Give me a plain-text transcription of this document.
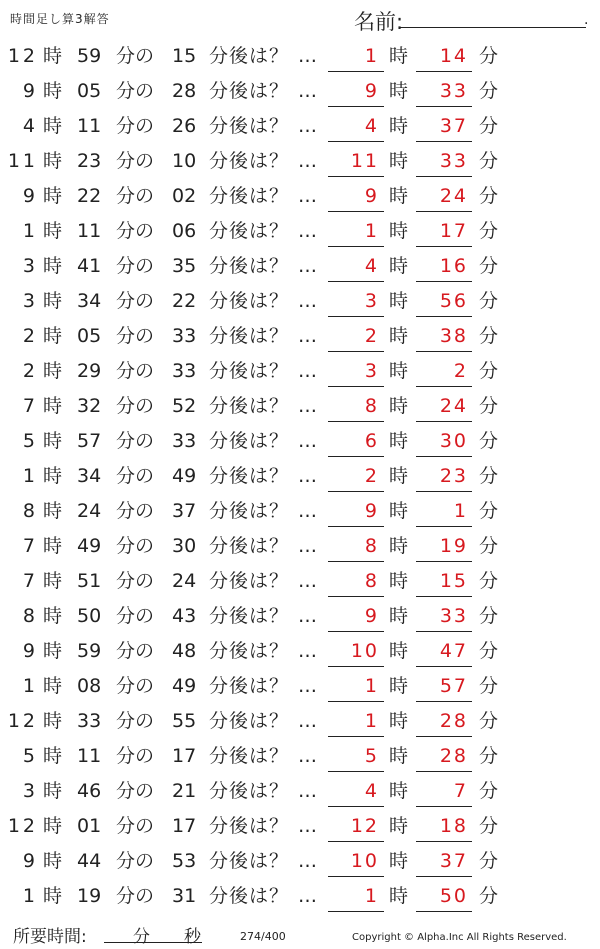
時間足し算3解答	名前:	.
12 時 59 分の 15 分後は？ …	1 時	14 分
9 時 05 分の 28 分後は？ …	9 時	33 分
4 時 11 分の 26 分後は？ …	4 時	37 分
11 時 23 分の 10 分後は？ …	11 時	33 分
9 時 22 分の 02 分後は？ …	9 時	24 分
1 時 11 分の 06 分後は？ …	1 時	17 分
3 時 41 分の 35 分後は？ …	4 時	16 分
3 時 34 分の 22 分後は？ …	3 時	56 分
2 時 05 分の 33 分後は？ …	2 時	38 分
2 時 29 分の 33 分後は？ …	3 時	2 分
7 時 32 分の 52 分後は？ …	8 時	24 分
5 時 57 分の 33 分後は？ …	6 時	30 分
1 時 34 分の 49 分後は？ …	2 時	23 分
8 時 24 分の 37 分後は？ …	9 時	1 分
7 時 49 分の 30 分後は？ …	8 時	19 分
7 時 51 分の 24 分後は？ …	8 時	15 分
8 時 50 分の 43 分後は？ …	9 時	33 分
9 時 59 分の 48 分後は？ …	10 時	47 分
1 時 08 分の 49 分後は？ …	1 時	57 分
12 時 33 分の 55 分後は？ …	1 時	28 分
5 時 11 分の 17 分後は？ …	5 時	28 分
3 時 46 分の 21 分後は？ …	4 時	7 分
12 時 01 分の 17 分後は？ …	12 時	18 分
9 時 44 分の 53 分後は？ …	10 時	37 分
1 時 19 分の 31 分後は？ …	1 時	50 分
所要時間:	分 秒	274/400	Copyright © Alpha.Inc All Rights Reserved.
